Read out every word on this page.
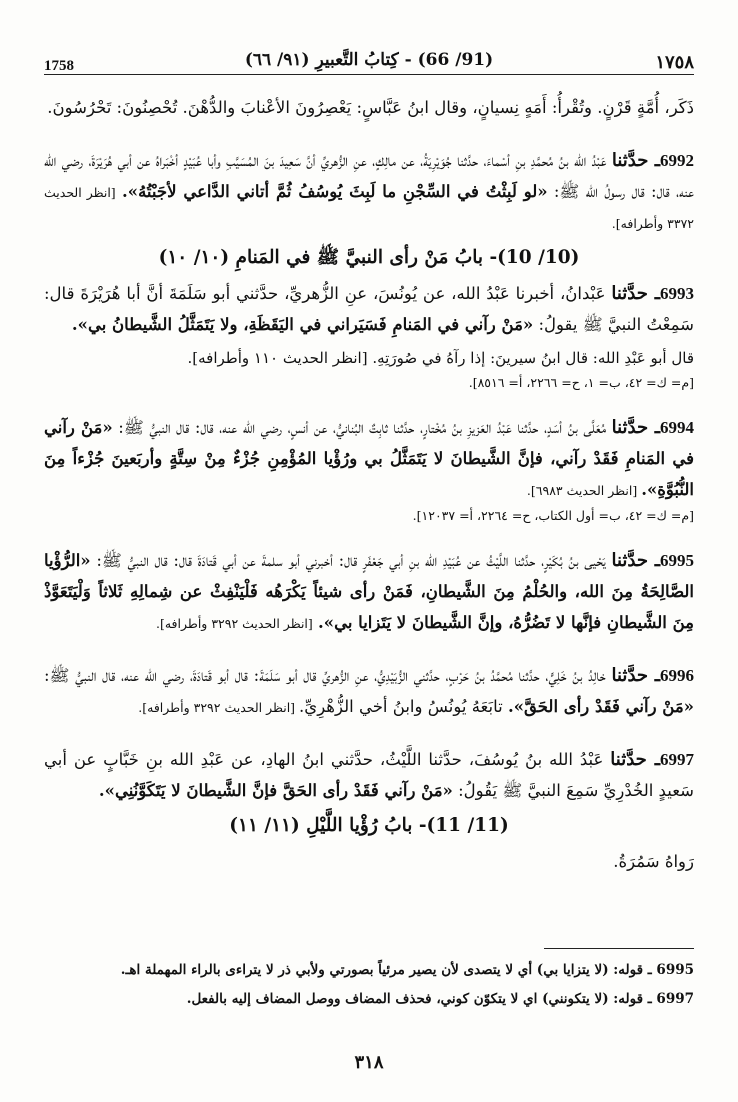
1758	(91/ 66) - كِتابُ التَّعبيرِ (٩١/ ٦٦)	١٧٥٨

ذَكَر، أُمَّةٍ قَرْنٍ. وتُقْرأُ: أَمَهٍ نِسيانٍ، وقال ابنُ عَبَّاسٍ: يَعْصِرُونَ الأعْنابَ والدُّهْنَ. تُحْصِنُونَ: تَحْرُسُونَ.

6992ـ حدَّثنا عَبْدُ الله بنُ مُحمَّدِ بنِ أسْماءَ، حدَّثنا جُوَيْرِيَةُ، عن مالِكٍ، عنِ الزُّهريِّ أنَّ سَعِيدَ بنَ المُسَيَّبِ وأبا عُبَيْدٍ أخْبَراهُ عن أبي هُرَيْرَةَ، رضي الله عنه، قال: قال رسولُ الله ﷺ: «لو لَبِثْتُ في السِّجْنِ ما لَبِثَ يُوسُفُ ثُمَّ أتاني الدَّاعي لأجَبْتُهُ». [انظر الحديث ٣٣٧٢ وأطرافه].

(10/ 10)- بابُ مَنْ رأى النبيَّ ﷺ في المَنامِ (١٠/ ١٠)

6993ـ حدَّثنا عَبْدانُ، أخبرنا عَبْدُ الله، عن يُونُسَ، عنِ الزُّهريِّ، حدَّثني أبو سَلَمَةَ أنَّ أبا هُرَيْرَةَ قال: سَمِعْتُ النبيَّ ﷺ يقولُ: «مَنْ رآني في المَنامِ فَسَيَراني في اليَقَظَةِ، ولا يَتَمَثَّلُ الشَّيطانُ بي».

قال أبو عَبْدِ الله: قال ابنُ سيرينَ: إذا رآهُ في صُورَتِهِ. [انظر الحديث ١١٠ وأطرافه].

[م= ك= ٤٢، ب= ١، ح= ٢٢٦٦، أ= ٨٥١٦].

6994ـ حدَّثنا مُعَلَّى بنُ أسَدٍ، حدَّثنا عَبْدُ العَزيزِ بنُ مُخْتارٍ، حدَّثنا ثابِتٌ البُنانيُّ، عن أنسٍ، رضي الله عنه، قال: قال النبيُّ ﷺ: «مَنْ رآني في المَنامِ فَقَدْ رآني، فإنَّ الشَّيطانَ لا يَتَمَثَّلُ بي ورُؤْيا المُؤْمِنِ جُزْءٌ مِنْ سِتَّةٍ وأربَعينَ جُزْءاً مِنَ النُّبُوَّةِ». [انظر الحديث ٦٩٨٣].

[م= ك= ٤٢، ب= أول الكتاب، ح= ٢٢٦٤، أ= ١٢٠٣٧].

6995ـ حدَّثنا يَحْيى بنُ بُكَيْرٍ، حدَّثنا اللَّيْثُ عن عُبَيْدِ الله بنِ أبي جَعْفَرٍ قال: أخبرني أبو سلمةَ عن أبي قَتادَةَ قال: قال النبيُّ ﷺ: «الرُّؤْيا الصَّالِحَةُ مِنَ الله، والحُلْمُ مِنَ الشَّيطانِ، فَمَنْ رأى شيئاً يَكْرَهُه فَلْيَنْفِثْ عن شِمالِهِ ثَلاثاً وَلْيَتَعَوَّذْ مِنَ الشَّيطانِ فإنَّها لا تَضُرُّهُ، وإنَّ الشَّيطانَ لا يَتَزايا بي». [انظر الحديث ٣٢٩٢ وأطرافه].

6996ـ حدَّثنا خالِدُ بنُ خَلِيٍّ، حدَّثنا مُحمَّدُ بنُ حَرْبٍ، حدَّثني الزُّبَيْدِيُّ، عنِ الزُّهريِّ قال أبو سَلَمَةَ: قال أبو قَتادَةَ، رضي الله عنه، قال النبيُّ ﷺ: «مَنْ رآني فَقَدْ رأى الحَقَّ». تابَعَهُ يُونُسُ وابنُ أخي الزُّهْرِيِّ. [انظر الحديث ٣٢٩٢ وأطرافه].

6997ـ حدَّثنا عَبْدُ الله بنُ يُوسُفَ، حدَّثنا اللَّيْثُ، حدَّثني ابنُ الهادِ، عن عَبْدِ الله بنِ خَبَّابٍ عن أبي سَعيدٍ الخُدْرِيِّ سَمِعَ النبيَّ ﷺ يَقُولُ: «مَنْ رآني فَقَدْ رأى الحَقَّ فإنَّ الشَّيطانَ لا يَتَكَوَّنُنِي».

(11/ 11)- بابُ رُؤْيا اللَّيْلِ (١١/ ١١)

رَواهُ سَمُرَةُ.

6995 ـ قوله: (لا يتزايا بي) أي لا يتصدى لأن يصير مرئياً بصورتي ولأبي ذر لا يتراءى بالراء المهملة اهـ.
6997 ـ قوله: (لا يتكونني) اي لا يتكوّن كوني، فحذف المضاف ووصل المضاف إليه بالفعل.
٣١٨
